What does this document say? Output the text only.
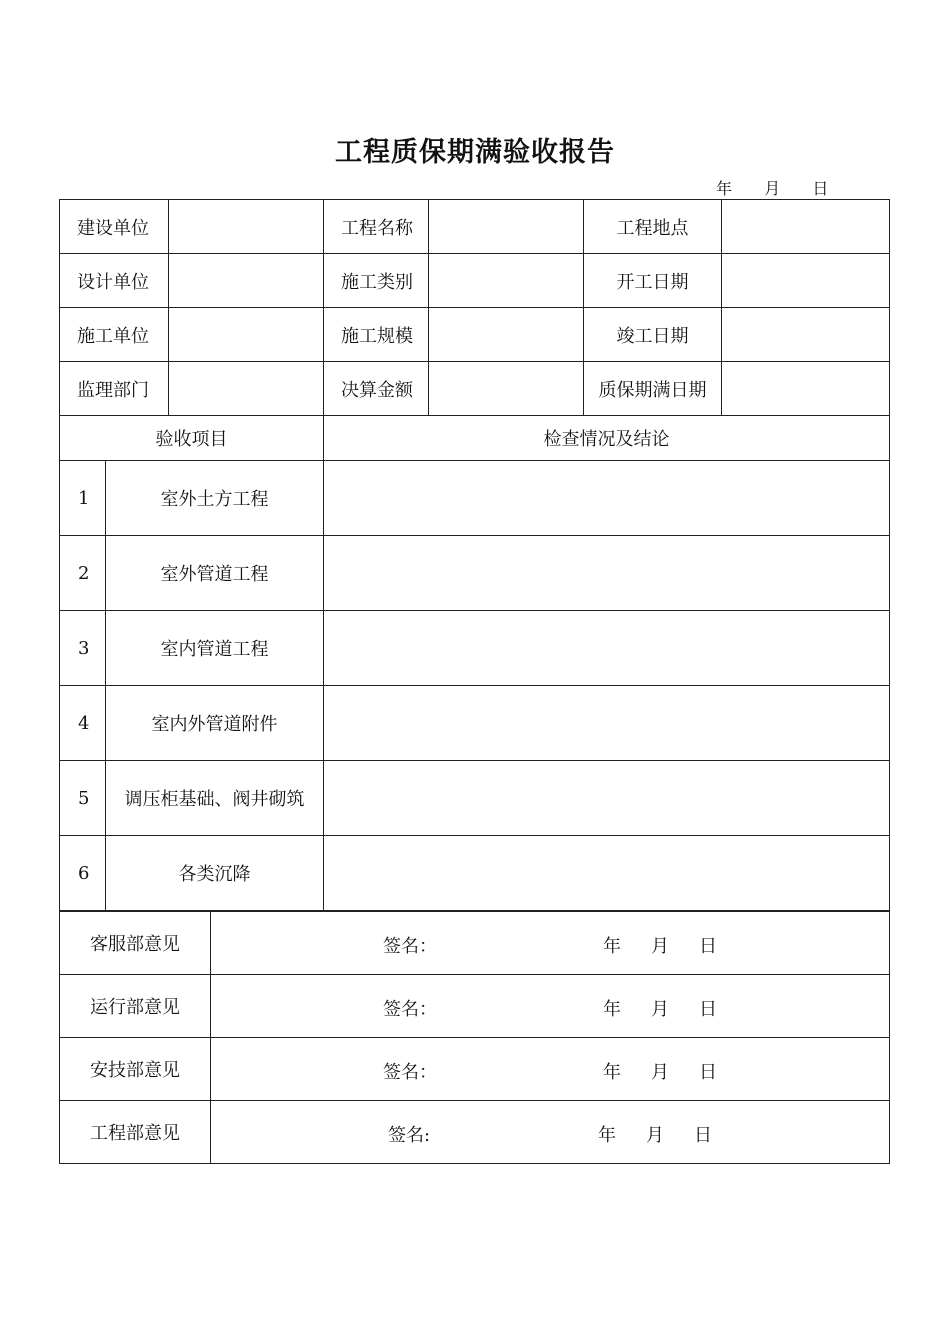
工程质保期满验收报告
年 月 日
建设单位			工程名称		工程地点	
设计单位			施工类别		开工日期	
施工单位			施工规模		竣工日期	
监理部门			决算金额		质保期满日期	
验收项目			检查情况及结论			
1	室外土方工程					
2	室外管道工程					
3	室内管道工程					
4	室内外管道附件					
5	调压柜基础、阀井砌筑					
6	各类沉降					
客服部意见	签名： 年 月 日

运行部意见	签名： 年 月 日

安技部意见	签名： 年 月 日

工程部意见	签名: 年 月 日
